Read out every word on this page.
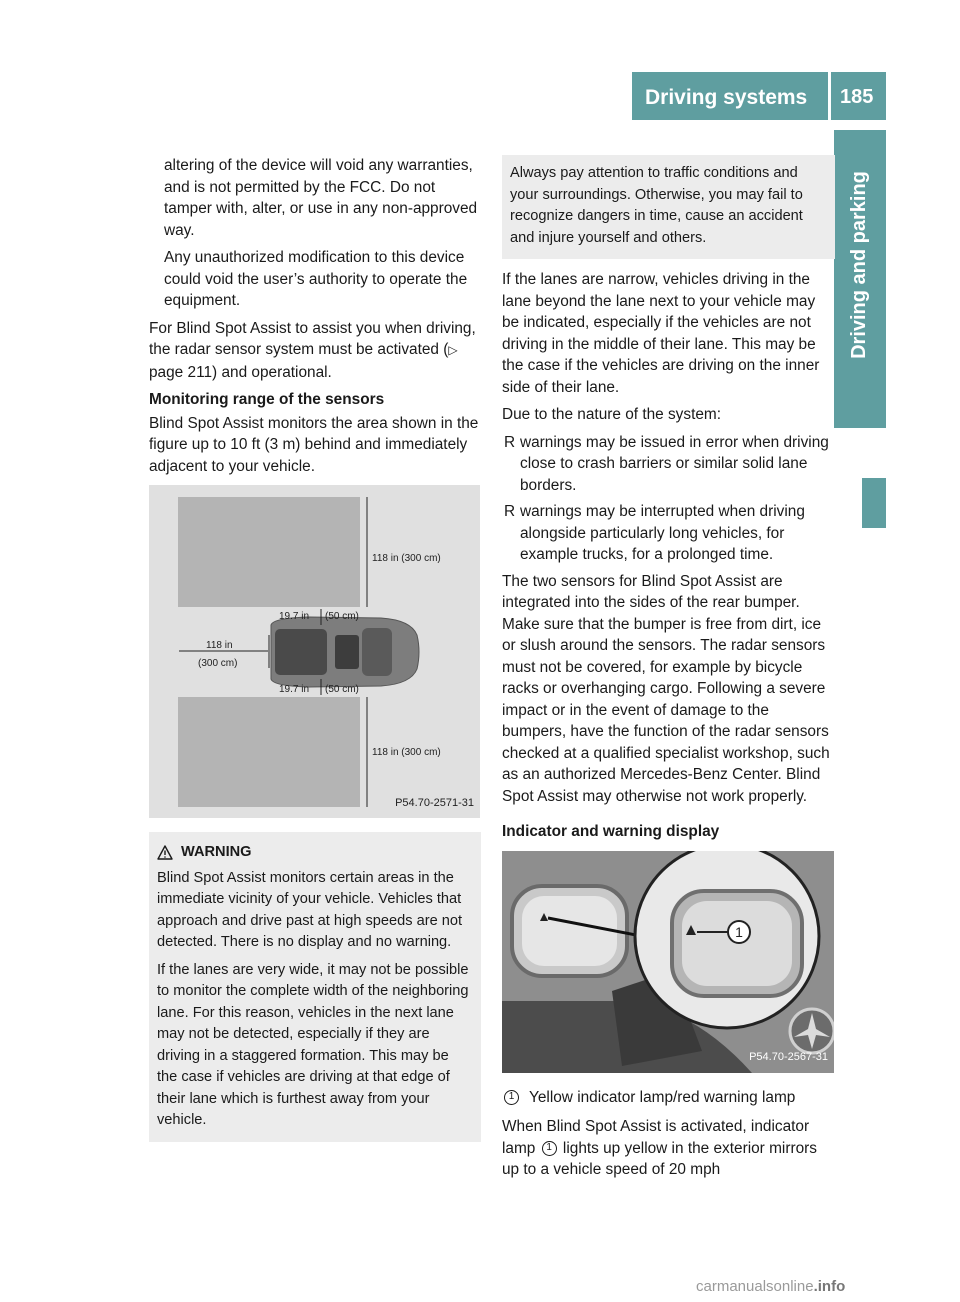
Driving systems 185
Driving and parking

altering of the device will void any warranties, and is not permitted by the FCC. Do not tamper with, alter, or use in any non-approved way.

Any unauthorized modification to this device could void the user’s authority to operate the equipment.

For Blind Spot Assist to assist you when driving, the radar sensor system must be activated (▷ page 211) and operational.

Monitoring range of the sensors

Blind Spot Assist monitors the area shown in the figure up to 10 ft (3 m) behind and immediately adjacent to your vehicle.

118 in (300 cm)
19.7 in (50 cm)
118 in
(300 cm)
19.7 in (50 cm)
118 in (300 cm)
P54.70-2571-31
WARNING

Blind Spot Assist monitors certain areas in the immediate vicinity of your vehicle. Vehicles that approach and drive past at high speeds are not detected. There is no display and no warning.

If the lanes are very wide, it may not be possible to monitor the complete width of the neighboring lane. For this reason, vehicles in the next lane may not be detected, especially if they are driving in a staggered formation. This may be the case if vehicles are driving at that edge of their lane which is furthest away from your vehicle.

Always pay attention to traffic conditions and your surroundings. Otherwise, you may fail to recognize dangers in time, cause an accident and injure yourself and others.

If the lanes are narrow, vehicles driving in the lane beyond the lane next to your vehicle may be indicated, especially if the vehicles are not driving in the middle of their lane. This may be the case if the vehicles are driving on the inner side of their lane.

Due to the nature of the system:

R warnings may be issued in error when driving close to crash barriers or similar solid lane borders.
R warnings may be interrupted when driving alongside particularly long vehicles, for example trucks, for a prolonged time.

The two sensors for Blind Spot Assist are integrated into the sides of the rear bumper. Make sure that the bumper is free from dirt, ice or slush around the sensors. The radar sensors must not be covered, for example by bicycle racks or overhanging cargo. Following a severe impact or in the event of damage to the bumpers, have the function of the radar sensors checked at a qualified specialist workshop, such as an authorized Mercedes-Benz Center. Blind Spot Assist may otherwise not work properly.

Indicator and warning display

1
P54.70-2567-31
1 Yellow indicator lamp/red warning lamp

When Blind Spot Assist is activated, indicator lamp 1 lights up yellow in the exterior mirrors up to a vehicle speed of 20 mph

carmanualsonline.info
